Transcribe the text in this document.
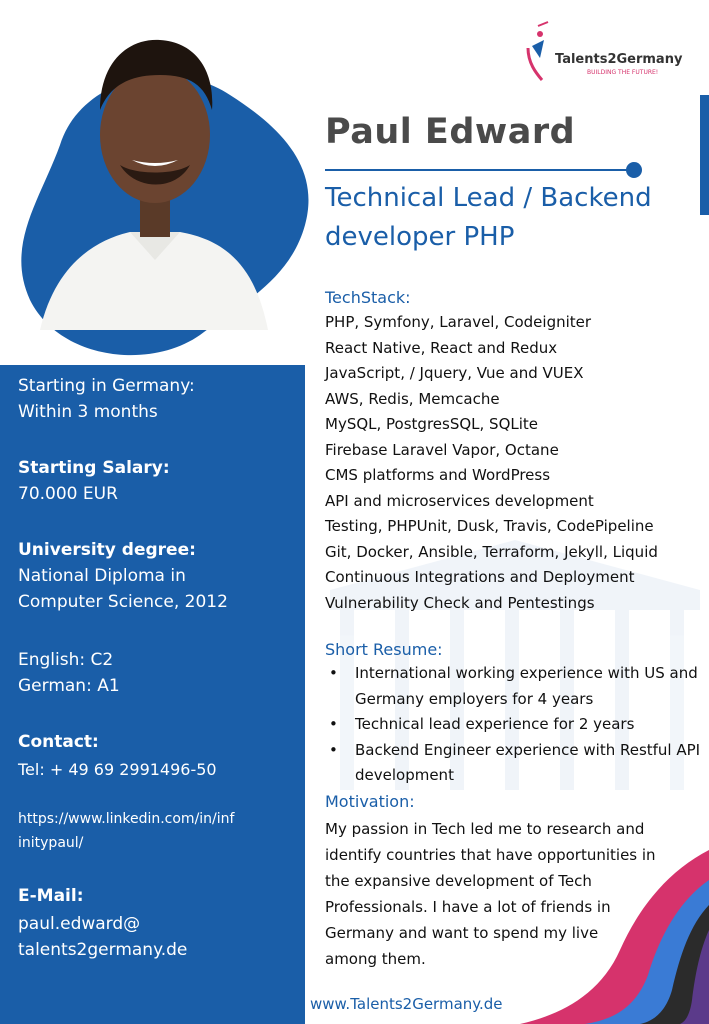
Talents2Germany
BUILDING THE FUTURE!
Starting in Germany:
Within 3 months
Starting Salary:
70.000 EUR
University degree:
National Diploma in
Computer Science, 2012
English: C2
German: A1
Contact:
Tel: + 49 69 2991496-50
https://www.linkedin.com/in/inf
initypaul/
E-Mail:
paul.edward@
talents2germany.de
Paul Edward
Technical Lead / Backend
developer PHP
TechStack:
PHP, Symfony, Laravel, Codeigniter
React Native, React and Redux
JavaScript, / Jquery, Vue and VUEX
AWS, Redis, Memcache
MySQL, PostgresSQL, SQLite
Firebase Laravel Vapor, Octane
CMS platforms and WordPress
API and microservices development
Testing, PHPUnit, Dusk, Travis, CodePipeline
Git, Docker, Ansible, Terraform, Jekyll, Liquid
Continuous Integrations and Deployment
Vulnerability Check and Pentestings
Short Resume:
• International working experience with US and Germany employers for 4 years
• Technical lead experience for 2 years
• Backend Engineer experience with Restful API development
Motivation:
My passion in Tech led me to research and
identify countries that have opportunities in
the expansive development of Tech
Professionals. I have a lot of friends in
Germany and want to spend my live
among them.
www.Talents2Germany.de
